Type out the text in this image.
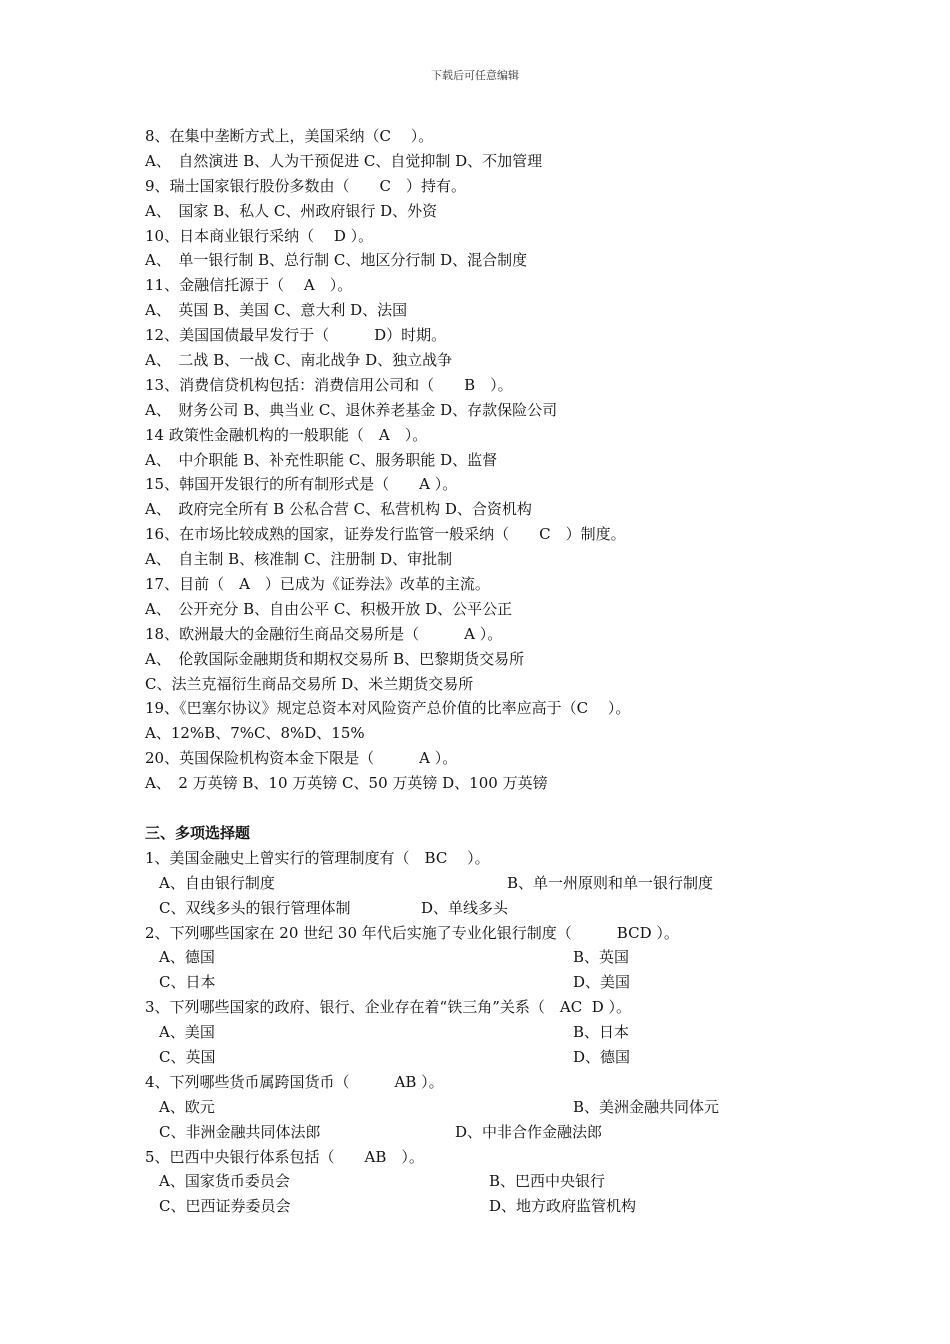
下载后可任意编辑
8、在集中垄断方式上，美国采纳（C　 ）。
A、　自然演进 B、人为干预促进 C、自觉抑制 D、不加管理
9、瑞士国家银行股份多数由（　　C　）持有。
A、　国家 B、私人 C、州政府银行 D、外资
10、日本商业银行采纳（　 D ）。
A、　单一银行制 B、总行制 C、地区分行制 D、混合制度
11、金融信托源于（　 A　）。
A、　英国 B、美国 C、意大利 D、法国
12、美国国债最早发行于（　　　D）时期。
A、　二战 B、一战 C、南北战争 D、独立战争
13、消费信贷机构包括：消费信用公司和（　　B　）。
A、　财务公司 B、典当业 C、退休养老基金 D、存款保险公司
14 政策性金融机构的一般职能（　A　）。
A、　中介职能 B、补充性职能 C、服务职能 D、监督
15、韩国开发银行的所有制形式是（　　A ）。
A、　政府完全所有 B 公私合营 C、私营机构 D、合资机构
16、在市场比较成熟的国家，证券发行监管一般采纳（　　C　）制度。
A、　自主制 B、核准制 C、注册制 D、审批制
17、目前（　A　）已成为《证券法》改革的主流。
A、　公开充分 B、自由公平 C、积极开放 D、公平公正
18、欧洲最大的金融衍生商品交易所是（　　　A ）。
A、　伦敦国际金融期货和期权交易所 B、巴黎期货交易所
C、法兰克福衍生商品交易所 D、米兰期货交易所
19、《巴塞尔协议》规定总资本对风险资产总价值的比率应高于（C　 ）。
A、12%B、7%C、8%D、15%
20、英国保险机构资本金下限是（　　　A ）。
A、　2 万英镑 B、10 万英镑 C、50 万英镑 D、100 万英镑
三、多项选择题
1、美国金融史上曾实行的管理制度有（　BC　 ）。
A、自由银行制度	B、单一州原则和单一银行制度
C、双线多头的银行管理体制	D、单线多头
2、下列哪些国家在 20 世纪 30 年代后实施了专业化银行制度（　　　BCD ）。
A、德国	B、英国
C、日本	D、美国
3、下列哪些国家的政府、银行、企业存在着“铁三角”关系（　AC  D ）。
A、美国	B、日本
C、英国	D、德国
4、下列哪些货币属跨国货币（　　　AB ）。
A、欧元	B、美洲金融共同体元
C、非洲金融共同体法郎	D、中非合作金融法郎
5、巴西中央银行体系包括（　　AB　）。
A、国家货币委员会	B、巴西中央银行
C、巴西证券委员会	D、地方政府监管机构
